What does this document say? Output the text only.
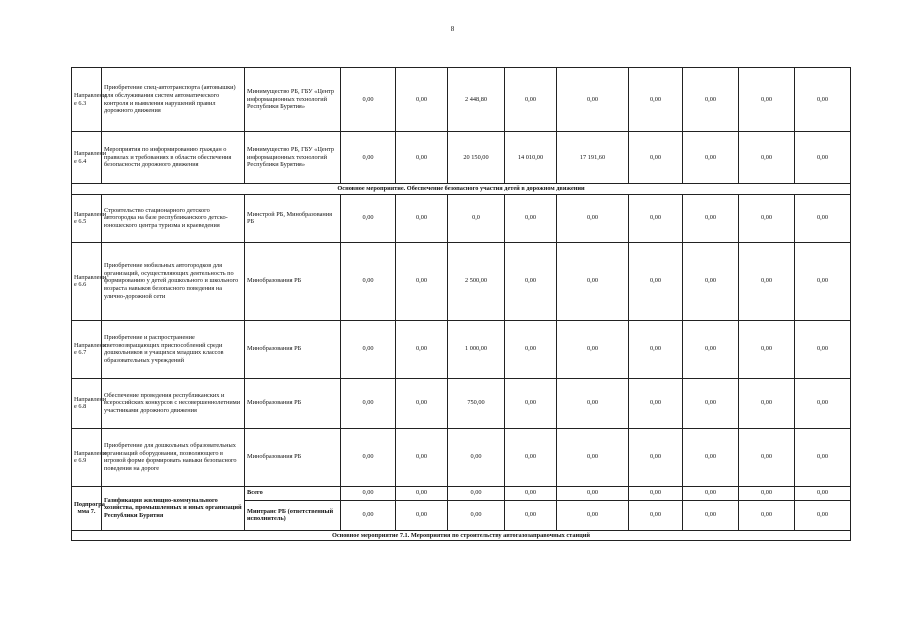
8
Направлени е 6.3	Приобретение спец-автотранспорта (автовышки) для обслуживания систем автоматического контроля и выявления нарушений правил дорожного движения	Минимущество РБ, ГБУ «Центр информационных технологий Республики Бурятия»	0,00	0,00	2 448,80	0,00	0,00	0,00	0,00	0,00	0,00
Направлени е 6.4	Мероприятия по информированию граждан о правилах и требованиях в области обеспечения безопасности дорожного движения	Минимущество РБ, ГБУ «Центр информационных технологий Республики Бурятия»	0,00	0,00	20 150,00	14 010,00	17 191,60	0,00	0,00	0,00	0,00
Основное мероприятие. Обеспечение безопасного участия детей в дорожном движении											
Направлени е 6.5	Строительство стационарного детского автогородка на базе республиканского детско-юношеского центра туризма и краеведения	Минстрой РБ, Минобразования РБ	0,00	0,00	0,0	0,00	0,00	0,00	0,00	0,00	0,00
Направлени е 6.6	Приобретение мобильных автогородков для организаций, осуществляющих деятельность по формированию у детей дошкольного и школьного возраста навыков безопасного поведения на улично-дорожной сети	Минобразования РБ	0,00	0,00	2 500,00	0,00	0,00	0,00	0,00	0,00	0,00
Направлени е 6.7	Приобретение и распространение световозвращающих приспособлений среди дошкольников и учащихся младших классов образовательных учреждений	Минобразования РБ	0,00	0,00	1 000,00	0,00	0,00	0,00	0,00	0,00	0,00
Направлени е 6.8	Обеспечение проведения республиканских и всероссийских конкурсов с несовершеннолетними участниками дорожного движения	Минобразования РБ	0,00	0,00	750,00	0,00	0,00	0,00	0,00	0,00	0,00
Направлени е 6.9	Приобретение для дошкольных образовательных организаций оборудования, позволяющего в игровой форме формировать навыки безопасного поведения на дороге	Минобразования РБ	0,00	0,00	0,00	0,00	0,00	0,00	0,00	0,00	0,00
Подпрогра мма 7.	Газификация жилищно-коммунального хозяйства, промышленных и иных организаций Республики Бурятия	Всего	0,00	0,00	0,00	0,00	0,00	0,00	0,00	0,00	0,00
		Минтранс РБ (ответственный исполнитель)	0,00	0,00	0,00	0,00	0,00	0,00	0,00	0,00	0,00
Основное мероприятие 7.1. Мероприятия по строительству автогазозаправочных станций											
